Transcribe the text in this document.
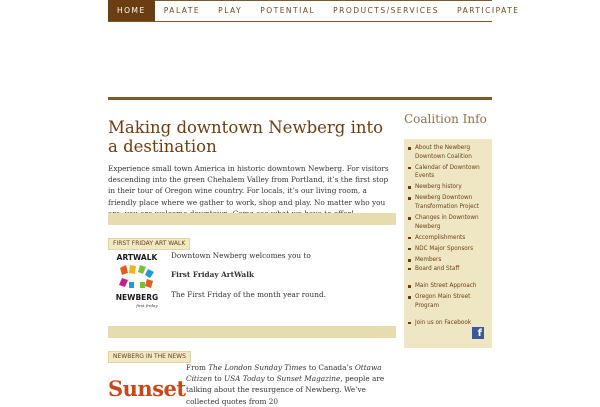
HOME	PALATE	PLAY	POTENTIAL	PRODUCTS/SERVICES	PARTICIPATE
Making downtown Newberg into a destination

Experience small town America in historic downtown Newberg. For visitors descending into the green Chehalem Valley from Portland, it’s the first stop in their tour of Oregon wine country. For locals, it’s our living room, a friendly place where we gather to work, shop and play. No matter who you

FIRST FRIDAY ART WALK
ARTWALK
NEWBERG
first friday
Downtown Newberg welcomes you to
First Friday ArtWalk
The First Friday of the month year round.
NEWBERG IN THE NEWS
Sunset
From The London Sunday Times to Canada’s Ottawa Citizen to USA Today to Sunset Magazine, people are talking about the resurgence of Newberg. We’ve collected quotes from 20
Coalition Info
About the Newberg Downtown Coalition
Calendar of Downtown Events
Newberg history
Newberg Downtown Transformation Project
Changes in Downtown Newberg
Accomplishments
NDC Major Sponsors
Members
Board and Staff
Main Street Approach
Oregon Main Street Program
Join us on Facebook
f
